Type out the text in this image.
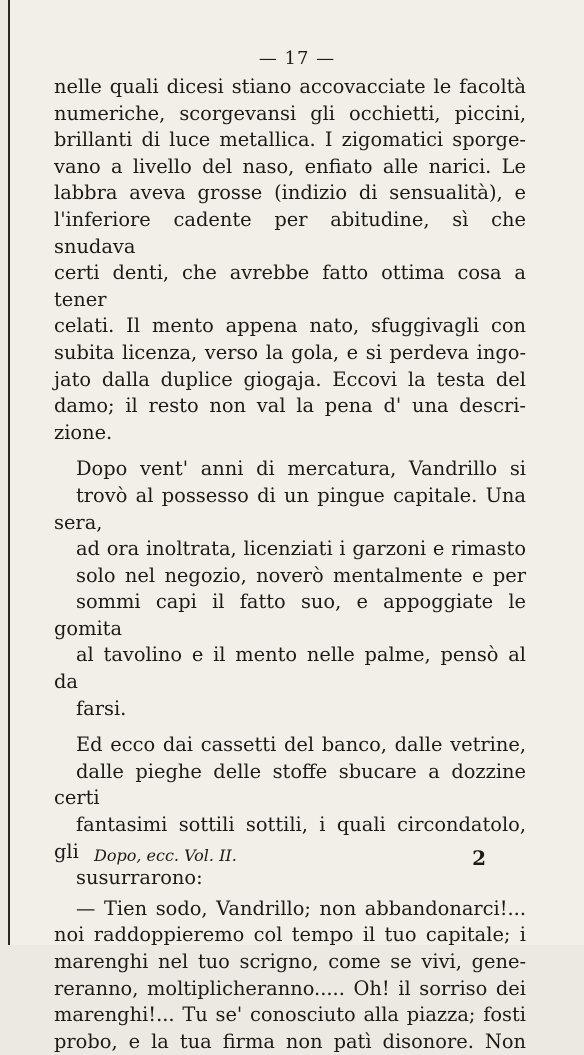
— 17 —
nelle quali dicesi stiano accovacciate le facoltà
numeriche, scorgevansi gli occhietti, piccini,
brillanti di luce metallica. I zigomatici sporge-
vano a livello del naso, enfiato alle narici. Le
labbra aveva grosse (indizio di sensualità), e
l'inferiore cadente per abitudine, sì che snudava
certi denti, che avrebbe fatto ottima cosa a tener
celati. Il mento appena nato, sfuggivagli con
subita licenza, verso la gola, e si perdeva ingo-
jato dalla duplice giogaja. Eccovi la testa del
damo; il resto non val la pena d' una descri-
zione.
Dopo vent' anni di mercatura, Vandrillo si
trovò al possesso di un pingue capitale. Una sera,
ad ora inoltrata, licenziati i garzoni e rimasto
solo nel negozio, noverò mentalmente e per
sommi capi il fatto suo, e appoggiate le gomita
al tavolino e il mento nelle palme, pensò al da
farsi.
Ed ecco dai cassetti del banco, dalle vetrine,
dalle pieghe delle stoffe sbucare a dozzine certi
fantasimi sottili sottili, i quali circondatolo, gli
susurrarono:
— Tien sodo, Vandrillo; non abbandonarci!...
noi raddoppieremo col tempo il tuo capitale; i
marenghi nel tuo scrigno, come se vivi, gene-
reranno, moltiplicheranno..... Oh! il sorriso dei
marenghi!... Tu se' conosciuto alla piazza; fosti
probo, e la tua firma non patì disonore. Non
Dopo, ecc. Vol. II.	2
